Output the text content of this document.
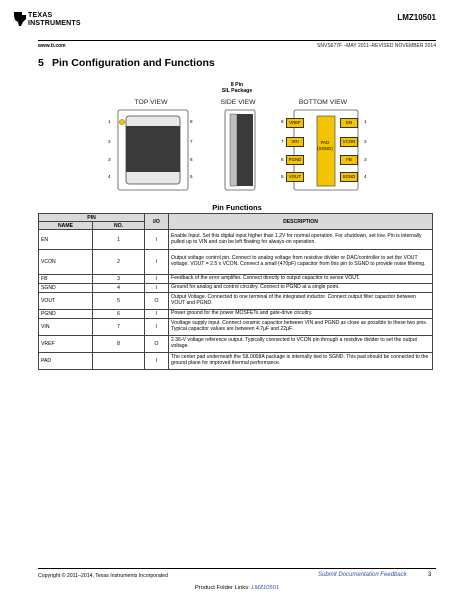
TEXAS
INSTRUMENTS
LMZ10501
www.ti.com	SNVS677F –MAY 2011–REVISED NOVEMBER 2014
5 Pin Configuration and Functions
8 Pin
SIL Package
TOP VIEW	SIDE VIEW	BOTTOM VIEW
1
2
3
4
8
7
6
5
8
7
6
5
1
2
3
4
VREF
VIN
PGND
VOUT
EN
VCON
FB
SGND
PAD
(SGND)
Pin Functions
PIN		I/O	DESCRIPTION
NAME	NO.		
EN	1	I	Enable Input. Set this digital input higher than 1.2V for normal operation. For shutdown, set low. Pin is internally pulled up to VIN and can be left floating for always-on operation.
VCON	2	I	Output voltage control pin. Connect to analog voltage from resistive divider or DAC/controller to set the VOUT voltage. VOUT = 2.5 x VCON. Connect a small (470pF) capacitor from this pin to SGND to provide noise filtering.
FB	3	I	Feedback of the error amplifier. Connect directly to output capacitor to sense VOUT.
SGND	4	I	Ground for analog and control circuitry. Connect to PGND at a single point.
VOUT	5	O	Output Voltage. Connected to one terminal of the integrated inductor. Connect output filter capacitor between VOUT and PGND.
PGND	6	I	Power ground for the power MOSFETs and gate-drive circuitry.
VIN	7	I	Vooltage supply input. Connect ceramic capacitor between VIN and PGND as close as possible to these two pins. Typical capacitor values are between 4.7µF and 22µF.
VREF	8	O	2.36-V voltage reference output. Typically connected to VCON pin through a resistive divider to set the output voltage.
PAD		I	The center pad underneath the SIL0008A package is internally tied to SGND. This pad should be connected to the ground plane for improved thermal performance.
Copyright © 2011–2014, Texas Instruments Incorporated	Submit Documentation Feedback	3
Product Folder Links: LMZ10501
